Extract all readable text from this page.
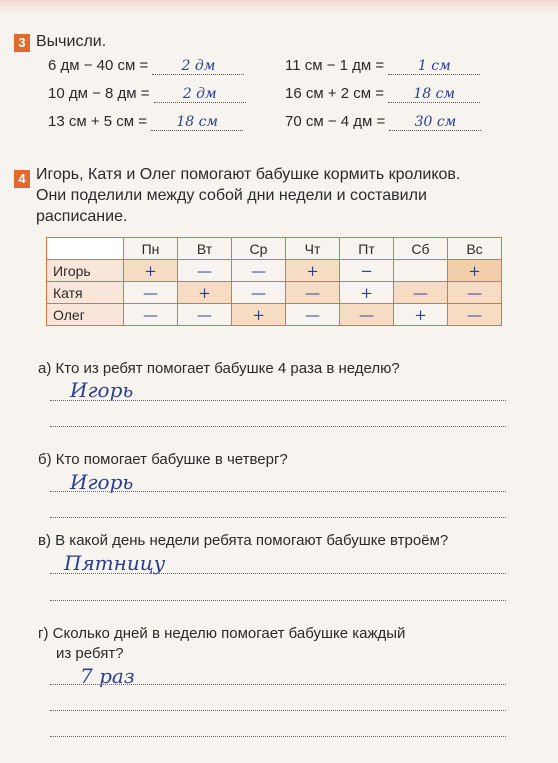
3 Вычисли.
6 дм − 40 см = 2 дм
10 дм − 8 дм = 2 дм
13 см + 5 см = 18 см
11 см − 1 дм = 1 см
16 см + 2 см = 18 см
70 см − 4 дм = 30 см
4 Игорь, Катя и Олег помогают бабушке кормить кроликов.
Они поделили между собой дни недели и составили
расписание.
	Пн	Вт	Ср	Чт	Пт	Сб	Вс
Игорь	+	—	—	+	−		+
Катя	—	+	—	—	+	—	—
Олег	—	—	+	—	—	+	—
а) Кто из ребят помогает бабушке 4 раза в неделю?
Игорь
б) Кто помогает бабушке в четверг?
Игорь
в) В какой день недели ребята помогают бабушке втроём?
Пятницу
г) Сколько дней в неделю помогает бабушке каждый
из ребят?
7 раз
